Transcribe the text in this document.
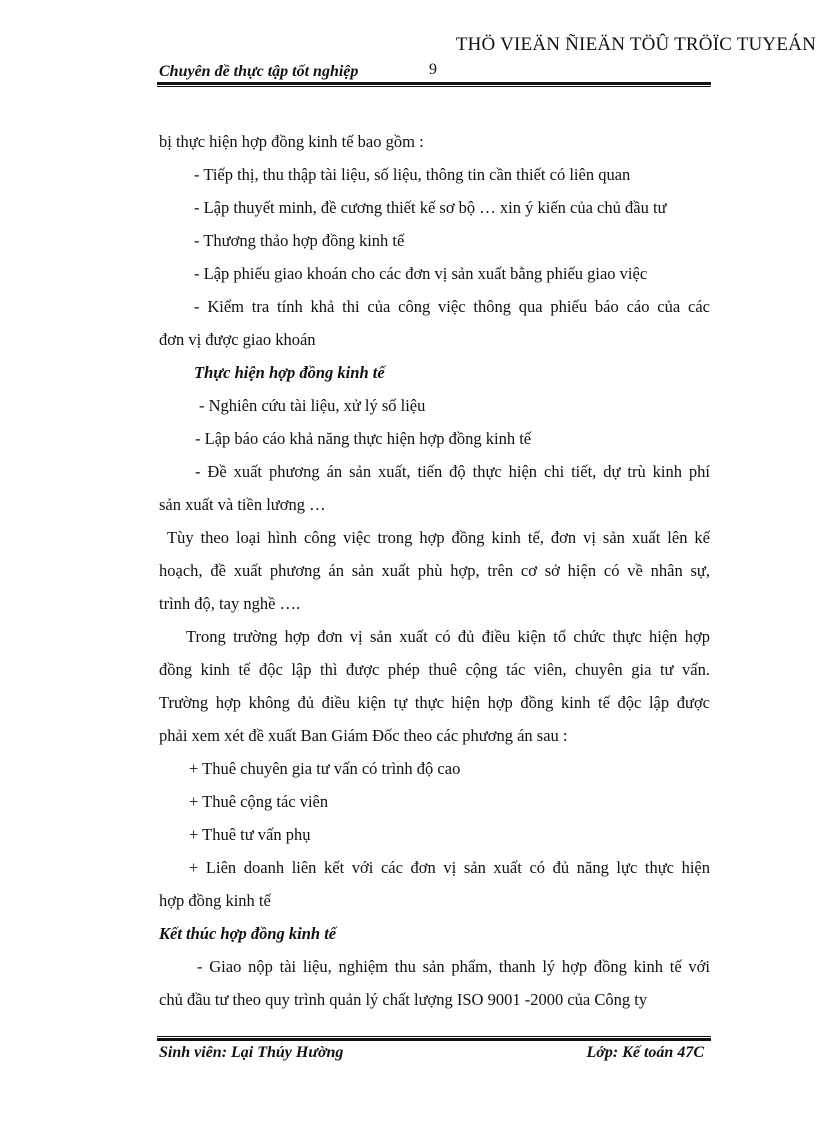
THÖ VIEÄN ÑIEÄN TÖÛ TRÖÏC TUYEÁN
Chuyên đề thực tập tốt nghiệp	9
bị thực hiện hợp đồng kinh tế bao gồm :
- Tiếp thị, thu thập tài liệu, số liệu, thông tin cần thiết có liên quan
- Lập thuyết minh, đề cương thiết kế sơ bộ … xin ý kiến của chủ đầu tư
- Thương thảo hợp đồng kinh tế
- Lập phiếu giao khoán cho các đơn vị sản xuất bằng phiếu giao việc
- Kiểm tra tính khả thi của công việc thông qua phiếu báo cáo của các
đơn vị được giao khoán
Thực hiện hợp đồng kinh tế
- Nghiên cứu tài liệu, xử lý số liệu
- Lập báo cáo khả năng thực hiện hợp đồng kinh tế
- Đề xuất phương án sản xuất, tiến độ thực hiện chi tiết, dự trù kinh phí
sản xuất và tiền lương …
Tùy theo loại hình công việc trong hợp đồng kinh tế, đơn vị sản xuất lên kế
hoạch, đề xuất phương án sản xuất phù hợp, trên cơ sở hiện có về nhân sự,
trình độ, tay nghề ….
Trong trường hợp đơn vị sản xuất có đủ điều kiện tổ chức thực hiện hợp
đồng kinh tế độc lập thì được phép thuê cộng tác viên, chuyên gia tư vấn.
Trường hợp không đủ điều kiện tự thực hiện hợp đồng kinh tế độc lập được
phải xem xét đề xuất Ban Giám Đốc theo các phương án sau :
+ Thuê chuyên gia tư vấn có trình độ cao
+ Thuê cộng tác viên
+ Thuê tư vấn phụ
+ Liên doanh liên kết với các đơn vị sản xuất có đủ năng lực thực hiện
hợp đồng kinh tế
Kết thúc hợp đồng kinh tế
- Giao nộp tài liệu, nghiệm thu sản phẩm, thanh lý hợp đồng kinh tế với
chủ đầu tư theo quy trình quản lý chất lượng ISO 9001 -2000 của Công ty
Sinh viên: Lại Thúy Hường	Lớp: Kế toán 47C
